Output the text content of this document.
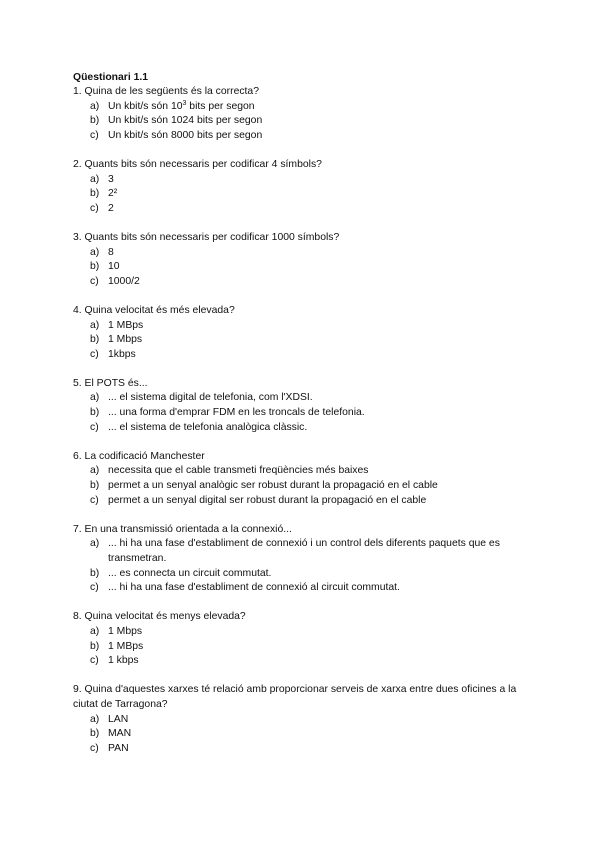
Qüestionari 1.1
1. Quina de les següents és la correcta?
a) Un kbit/s són $10^3$ bits per segon
b) Un kbit/s són 1024 bits per segon
c) Un kbit/s són 8000 bits per segon
2. Quants bits són necessaris per codificar 4 símbols?
a) 3
b) 2²
c) 2
3. Quants bits són necessaris per codificar 1000 símbols?
a) 8
b) 10
c) 1000/2
4. Quina velocitat és més elevada?
a) 1 MBps
b) 1 Mbps
c) 1kbps
5. El POTS és...
a) ... el sistema digital de telefonia, com l'XDSI.
b) ... una forma d'emprar FDM en les troncals de telefonia.
c) ... el sistema de telefonia analògica clàssic.
6. La codificació Manchester
a) necessita que el cable transmeti freqüències més baixes
b) permet a un senyal analògic ser robust durant la propagació en el cable
c) permet a un senyal digital ser robust durant la propagació en el cable
7. En una transmissió orientada a la connexió...
a) ... hi ha una fase d'establiment de connexió i un control dels diferents paquets que es transmetran.
b) ... es connecta un circuit commutat.
c) ... hi ha una fase d'establiment de connexió al circuit commutat.
8. Quina velocitat és menys elevada?
a) 1 Mbps
b) 1 MBps
c) 1 kbps
9. Quina d'aquestes xarxes té relació amb proporcionar serveis de xarxa entre dues oficines a la ciutat de Tarragona?
a) LAN
b) MAN
c) PAN
